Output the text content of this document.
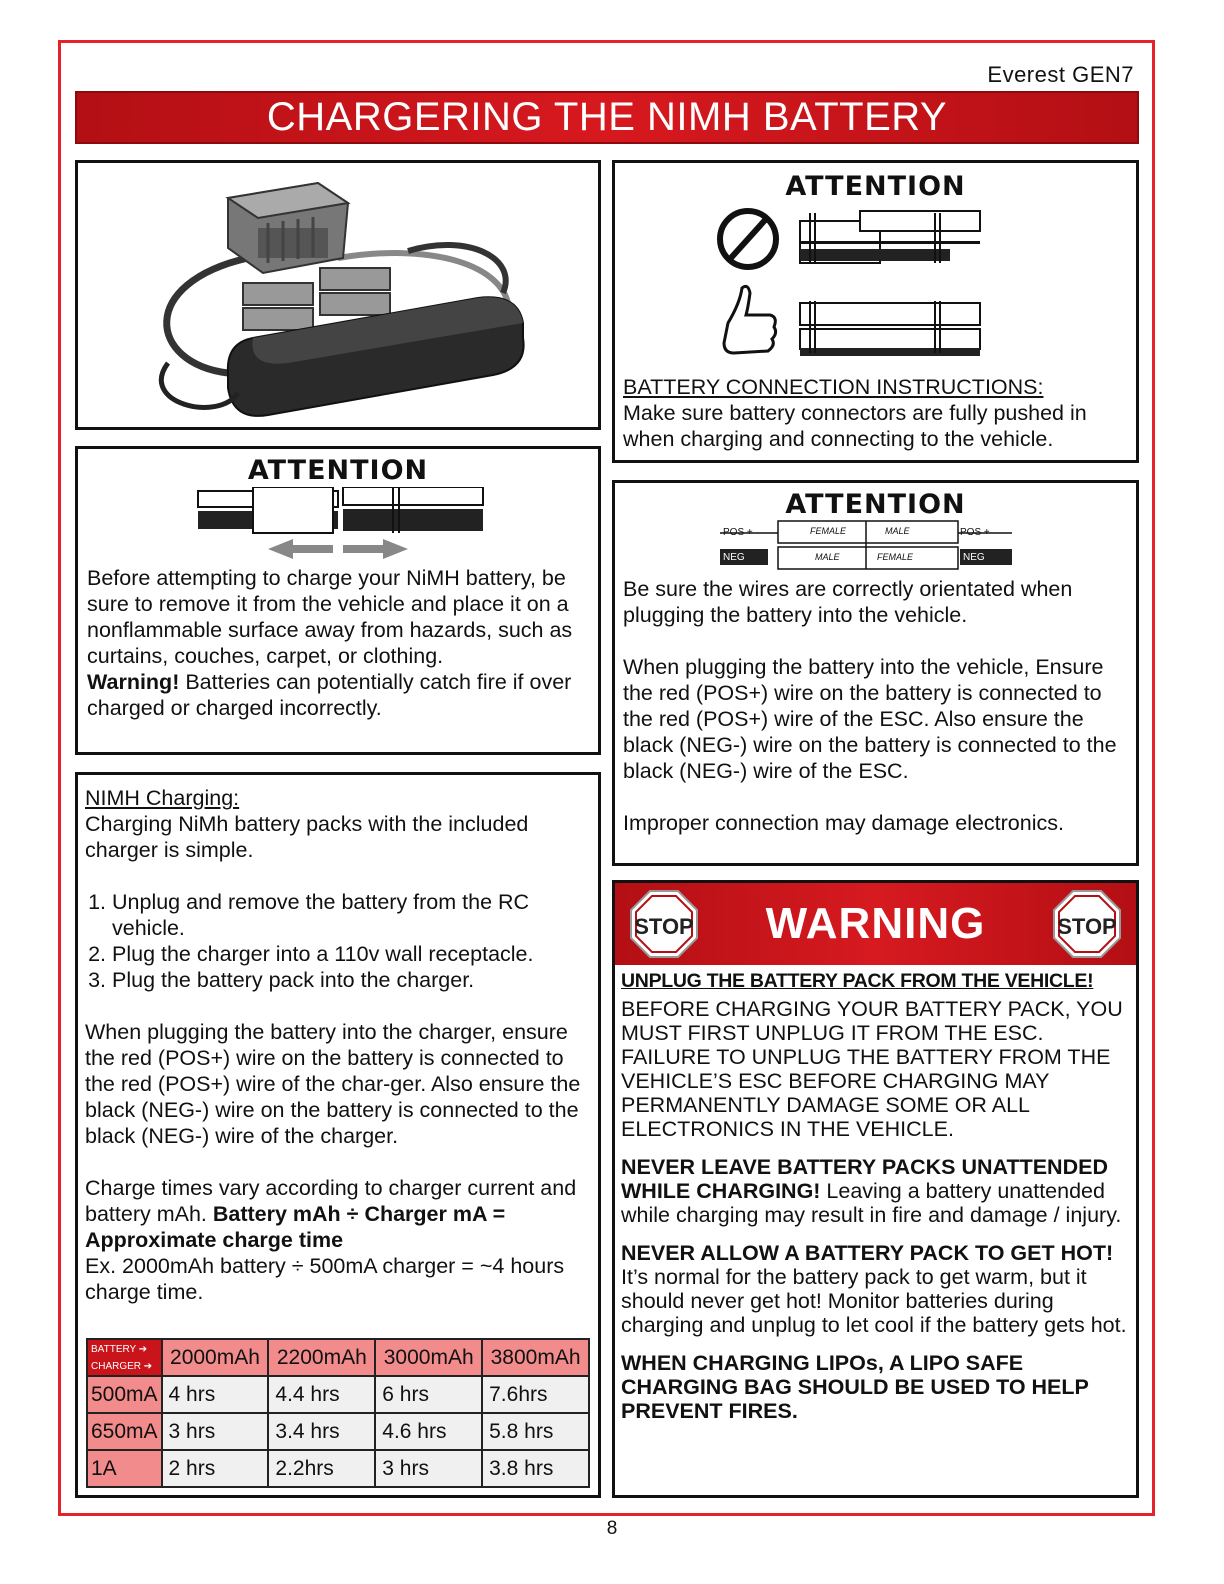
Everest GEN7
CHARGERING THE NIMH BATTERY
ATTENTION
BATTERY CONNECTION INSTRUCTIONS:
Make sure battery connectors are fully pushed in when charging and connecting to the vehicle.
ATTENTION
Before attempting to charge your NiMH battery, be sure to remove it from the vehicle and place it on a nonflammable surface away from hazards, such as curtains, couches, carpet, or clothing.
Warning! Batteries can potentially catch fire if over charged or charged incorrectly.
ATTENTION
POS +	POS +
NEG	NEG
FEMALE	MALE
MALE	FEMALE

Be sure the wires are correctly orientated when plugging the battery into the vehicle.

When plugging the battery into the vehicle, Ensure the red (POS+) wire on the battery is connected to the red (POS+) wire of the ESC. Also ensure the black (NEG-) wire on the battery is connected to the black (NEG-) wire of the ESC.

Improper connection may damage electronics.

NIMH Charging:
Charging NiMh battery packs with the included charger is simple.
1. Unplug and remove the battery from the RC vehicle.
2. Plug the charger into a 110v wall receptacle.
3. Plug the battery pack into the charger.

When plugging the battery into the charger, ensure the red (POS+) wire on the battery is connected to the red (POS+) wire of the char-ger. Also ensure the black (NEG-) wire on the battery is connected to the black (NEG-) wire of the charger.

Charge times vary according to charger current and battery mAh. Battery mAh ÷ Charger mA = Approximate charge time

Ex. 2000mAh battery ÷ 500mA charger = ~4 hours charge time.
BATTERY ➔
CHARGER ➔	2000mAh	2200mAh	3000mAh	3800mAh
500mA	4 hrs	4.4 hrs	6 hrs	7.6hrs
650mA	3 hrs	3.4 hrs	4.6 hrs	5.8 hrs
1A	2 hrs	2.2hrs	3 hrs	3.8 hrs
STOP WARNING	STOP
UNPLUG THE BATTERY PACK FROM THE VEHICLE!
BEFORE CHARGING YOUR BATTERY PACK, YOU MUST FIRST UNPLUG IT FROM THE ESC. FAILURE TO UNPLUG THE BATTERY FROM THE VEHICLE’S ESC BEFORE CHARGING MAY PERMANENTLY DAMAGE SOME OR ALL ELECTRONICS IN THE VEHICLE.
NEVER LEAVE BATTERY PACKS UNATTENDED WHILE CHARGING! Leaving a battery unattended while charging may result in fire and damage / injury.
NEVER ALLOW A BATTERY PACK TO GET HOT! It’s normal for the battery pack to get warm, but it should never get hot! Monitor batteries during charging and unplug to let cool if the battery gets hot.
WHEN CHARGING LIPOs, A LIPO SAFE CHARGING BAG SHOULD BE USED TO HELP PREVENT FIRES.
8
